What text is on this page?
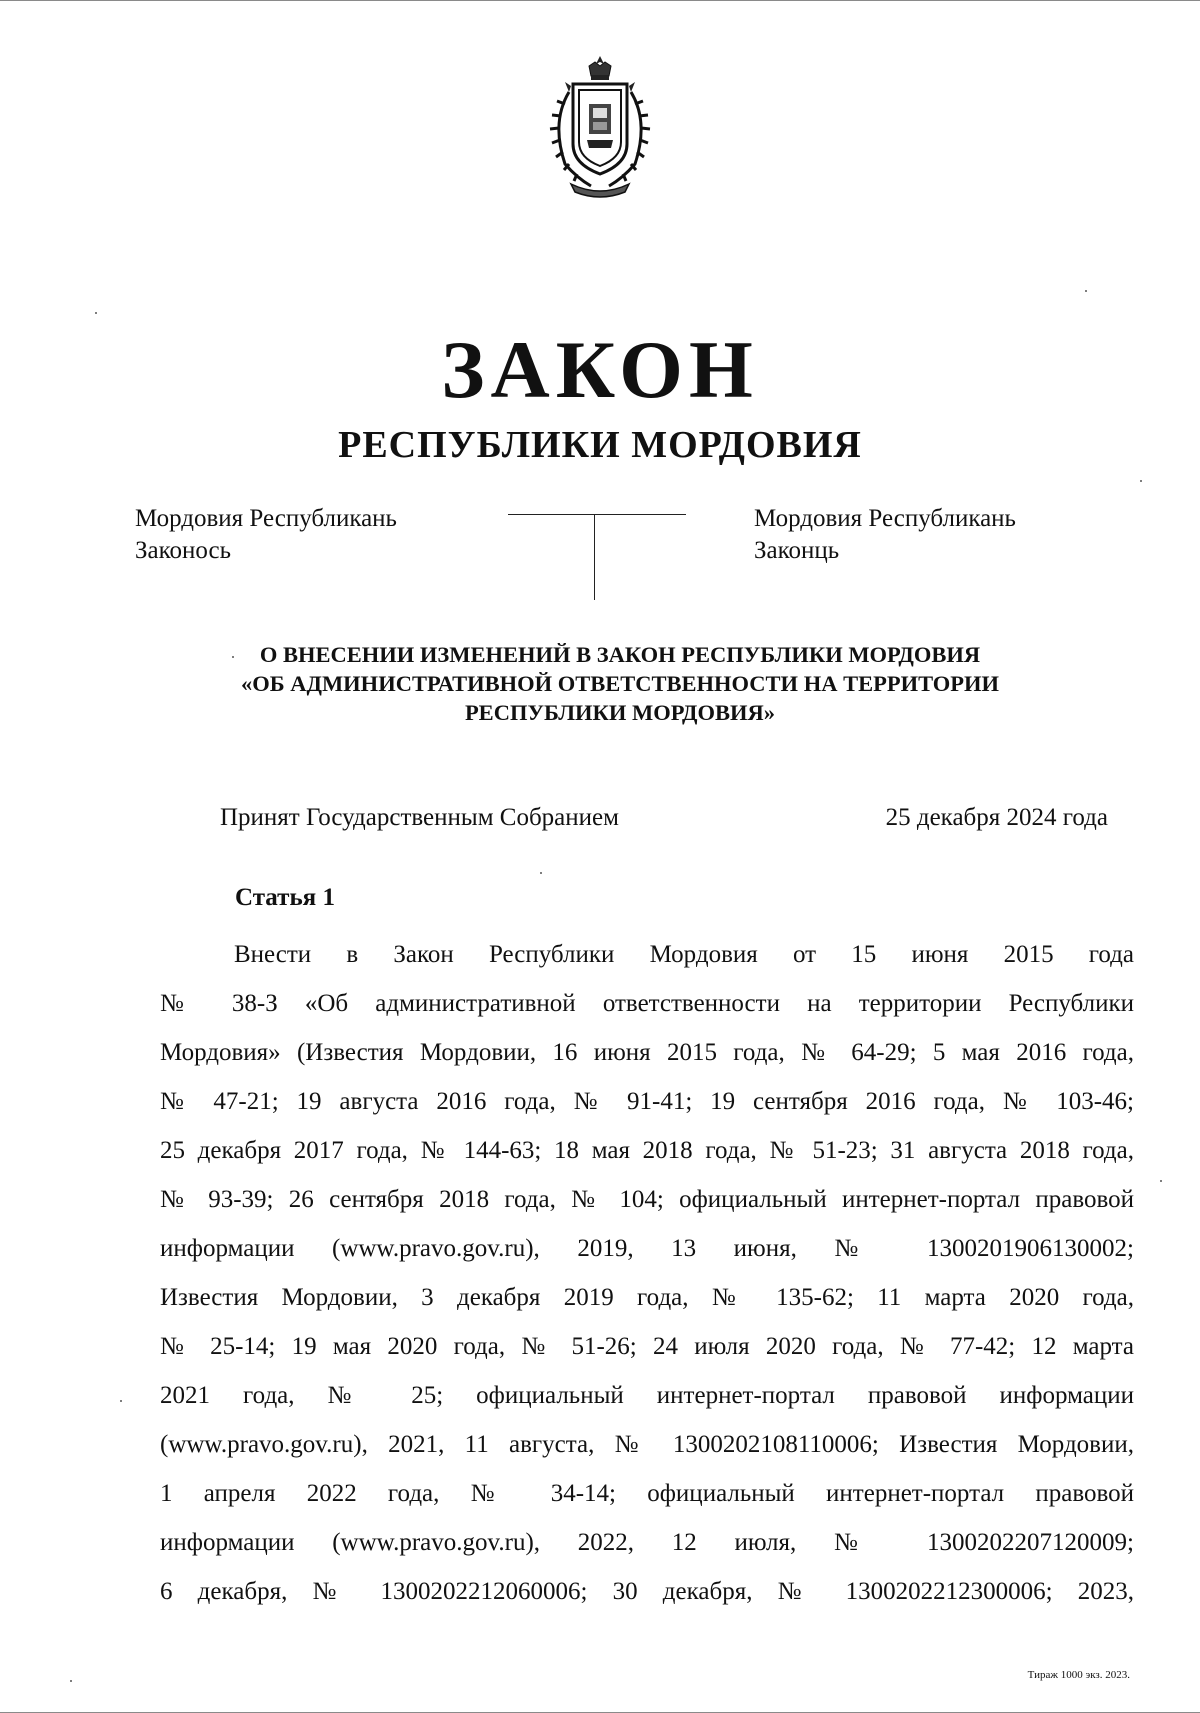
ЗАКОН
РЕСПУБЛИКИ МОРДОВИЯ
Мордовия Республикань
Законось
Мордовия Республикань
Законць
О ВНЕСЕНИИ ИЗМЕНЕНИЙ В ЗАКОН РЕСПУБЛИКИ МОРДОВИЯ
«ОБ АДМИНИСТРАТИВНОЙ ОТВЕТСТВЕННОСТИ НА ТЕРРИТОРИИ
РЕСПУБЛИКИ МОРДОВИЯ»
Принят Государственным Собранием	25 декабря 2024 года
Статья 1
Внести в Закон Республики Мордовия от 15 июня 2015 года
№ 38-З «Об административной ответственности на территории Республики
Мордовия» (Известия Мордовии, 16 июня 2015 года, № 64-29; 5 мая 2016 года,
№ 47-21; 19 августа 2016 года, № 91-41; 19 сентября 2016 года, № 103-46;
25 декабря 2017 года, № 144-63; 18 мая 2018 года, № 51-23; 31 августа 2018 года,
№ 93-39; 26 сентября 2018 года, № 104; официальный интернет-портал правовой
информации (www.pravo.gov.ru), 2019, 13 июня, № 1300201906130002;
Известия Мордовии, 3 декабря 2019 года, № 135-62; 11 марта 2020 года,
№ 25-14; 19 мая 2020 года, № 51-26; 24 июля 2020 года, № 77-42; 12 марта
2021 года, № 25; официальный интернет-портал правовой информации
(www.pravo.gov.ru), 2021, 11 августа, № 1300202108110006; Известия Мордовии,
1 апреля 2022 года, № 34-14; официальный интернет-портал правовой
информации (www.pravo.gov.ru), 2022, 12 июля, № 1300202207120009;
6 декабря, № 1300202212060006; 30 декабря, № 1300202212300006; 2023,
Тираж 1000 экз. 2023.
